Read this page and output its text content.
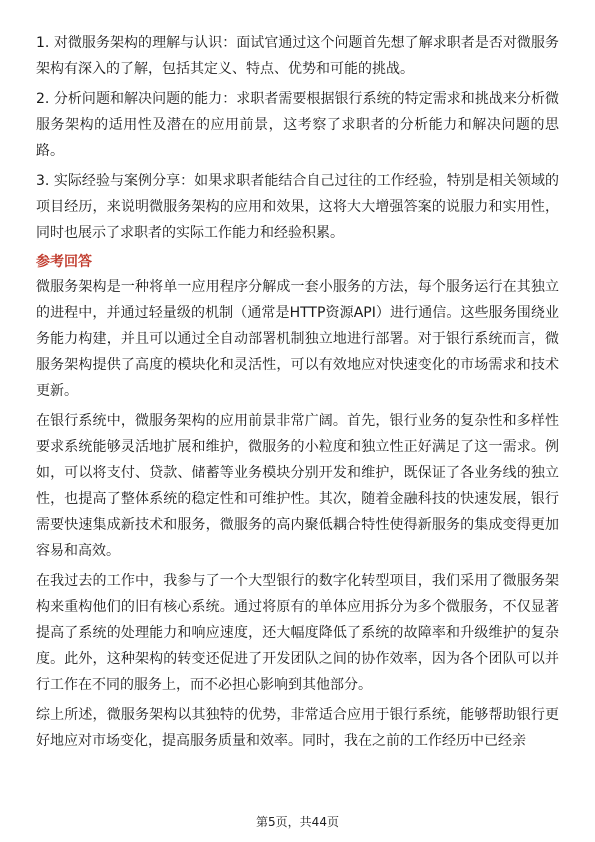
1. 对微服务架构的理解与认识：面试官通过这个问题首先想了解求职者是否对微服务架构有深入的了解，包括其定义、特点、优势和可能的挑战。

2. 分析问题和解决问题的能力：求职者需要根据银行系统的特定需求和挑战来分析微服务架构的适用性及潜在的应用前景，这考察了求职者的分析能力和解决问题的思路。

3. 实际经验与案例分享：如果求职者能结合自己过往的工作经验，特别是相关领域的项目经历，来说明微服务架构的应用和效果，这将大大增强答案的说服力和实用性，同时也展示了求职者的实际工作能力和经验积累。

参考回答

微服务架构是一种将单一应用程序分解成一套小服务的方法，每个服务运行在其独立的进程中，并通过轻量级的机制（通常是HTTP资源API）进行通信。这些服务围绕业务能力构建，并且可以通过全自动部署机制独立地进行部署。对于银行系统而言，微服务架构提供了高度的模块化和灵活性，可以有效地应对快速变化的市场需求和技术更新。

在银行系统中，微服务架构的应用前景非常广阔。首先，银行业务的复杂性和多样性要求系统能够灵活地扩展和维护，微服务的小粒度和独立性正好满足了这一需求。例如，可以将支付、贷款、储蓄等业务模块分别开发和维护，既保证了各业务线的独立性，也提高了整体系统的稳定性和可维护性。其次，随着金融科技的快速发展，银行需要快速集成新技术和服务，微服务的高内聚低耦合特性使得新服务的集成变得更加容易和高效。

在我过去的工作中，我参与了一个大型银行的数字化转型项目，我们采用了微服务架构来重构他们的旧有核心系统。通过将原有的单体应用拆分为多个微服务，不仅显著提高了系统的处理能力和响应速度，还大幅度降低了系统的故障率和升级维护的复杂度。此外，这种架构的转变还促进了开发团队之间的协作效率，因为各个团队可以并行工作在不同的服务上，而不必担心影响到其他部分。

综上所述，微服务架构以其独特的优势，非常适合应用于银行系统，能够帮助银行更好地应对市场变化，提高服务质量和效率。同时，我在之前的工作经历中已经亲

第5页，共44页
